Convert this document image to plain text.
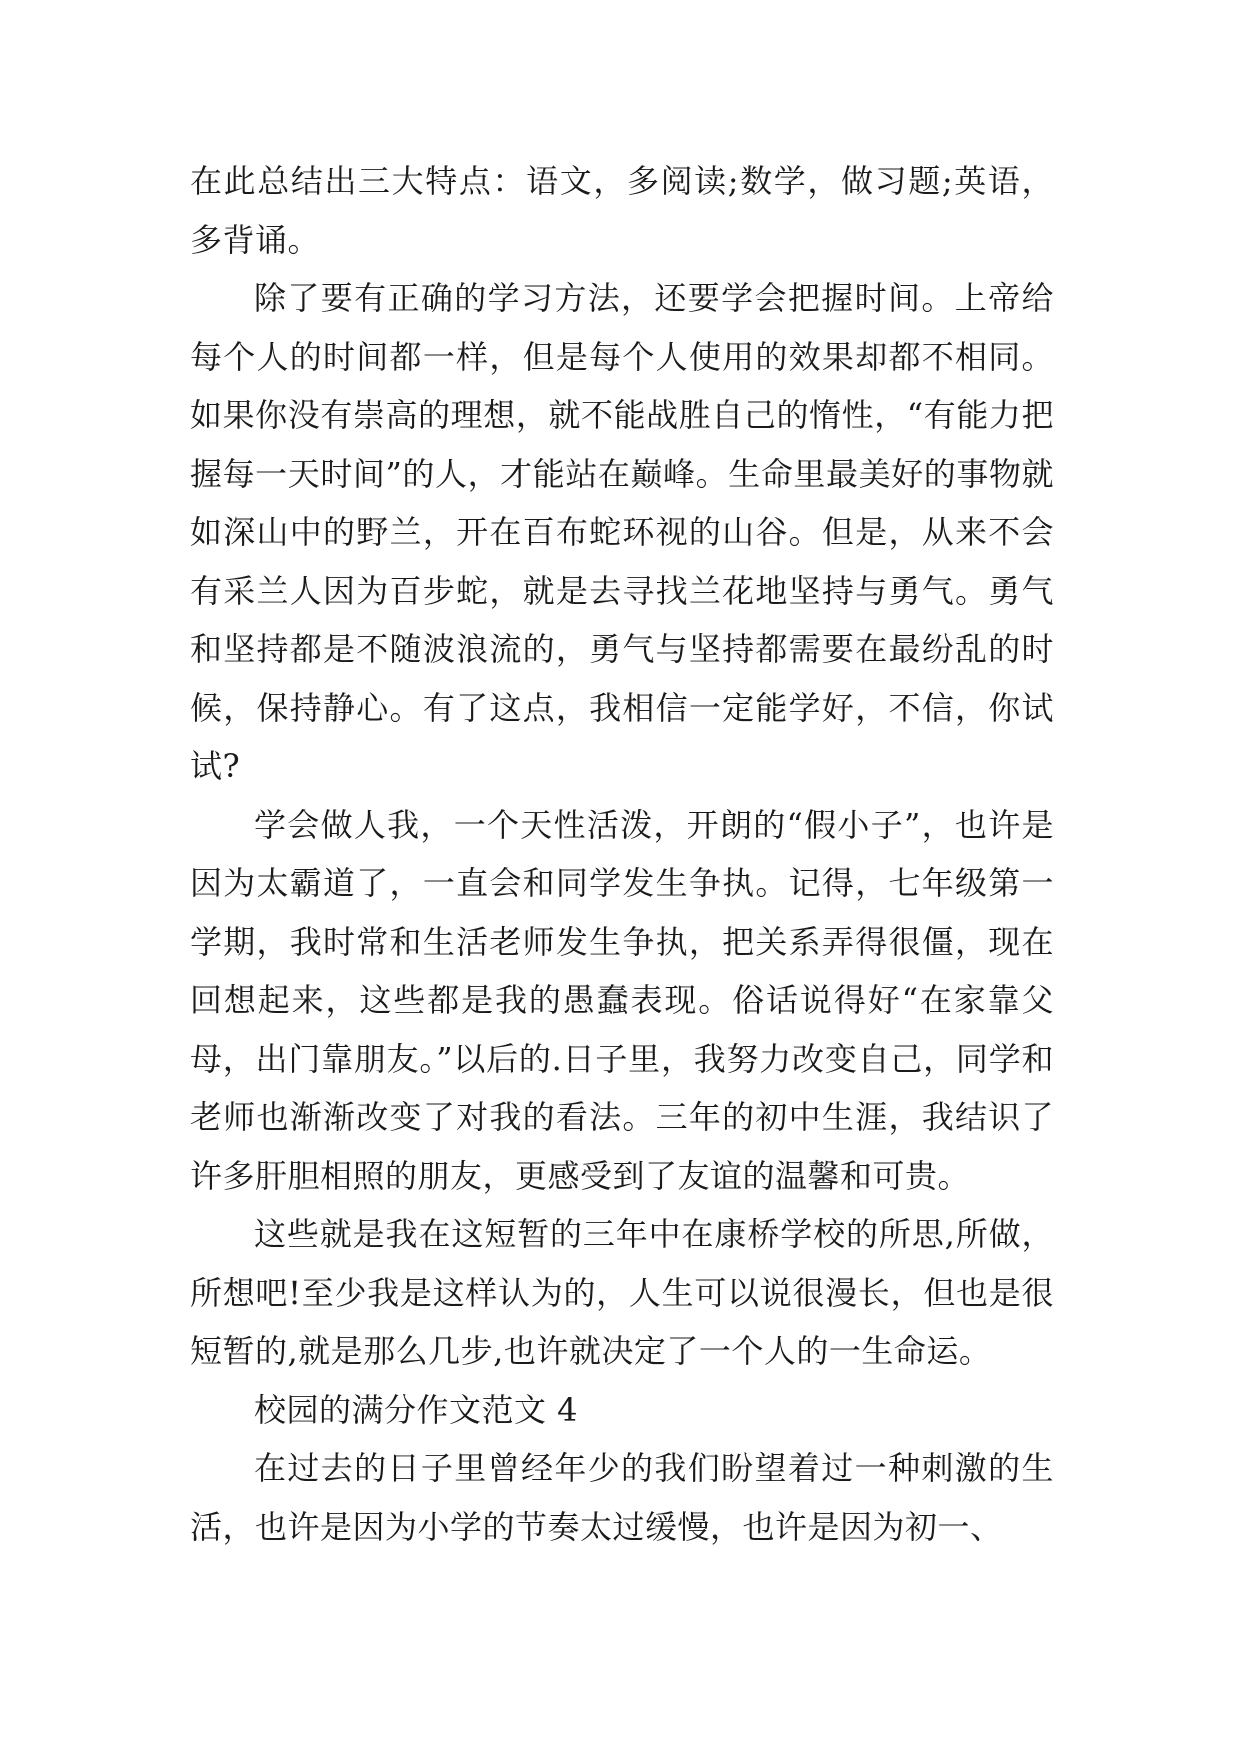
在此总结出三大特点：语文，多阅读;数学，做习题;英语，多背诵。

除了要有正确的学习方法，还要学会把握时间。上帝给每个人的时间都一样，但是每个人使用的效果却都不相同。如果你没有崇高的理想，就不能战胜自己的惰性，“有能力把握每一天时间”的人，才能站在巅峰。生命里最美好的事物就如深山中的野兰，开在百布蛇环视的山谷。但是，从来不会有采兰人因为百步蛇，就是去寻找兰花地坚持与勇气。勇气和坚持都是不随波浪流的，勇气与坚持都需要在最纷乱的时候，保持静心。有了这点，我相信一定能学好，不信，你试试?

学会做人我，一个天性活泼，开朗的“假小子”，也许是因为太霸道了，一直会和同学发生争执。记得，七年级第一学期，我时常和生活老师发生争执，把关系弄得很僵，现在回想起来，这些都是我的愚蠢表现。俗话说得好“在家靠父母，出门靠朋友。”以后的.日子里，我努力改变自己，同学和老师也渐渐改变了对我的看法。三年的初中生涯，我结识了许多肝胆相照的朋友，更感受到了友谊的温馨和可贵。

这些就是我在这短暂的三年中在康桥学校的所思,所做，所想吧!至少我是这样认为的，人生可以说很漫长，但也是很短暂的,就是那么几步,也许就决定了一个人的一生命运。

校园的满分作文范文 4

在过去的日子里曾经年少的我们盼望着过一种刺激的生活，也许是因为小学的节奏太过缓慢，也许是因为初一、
